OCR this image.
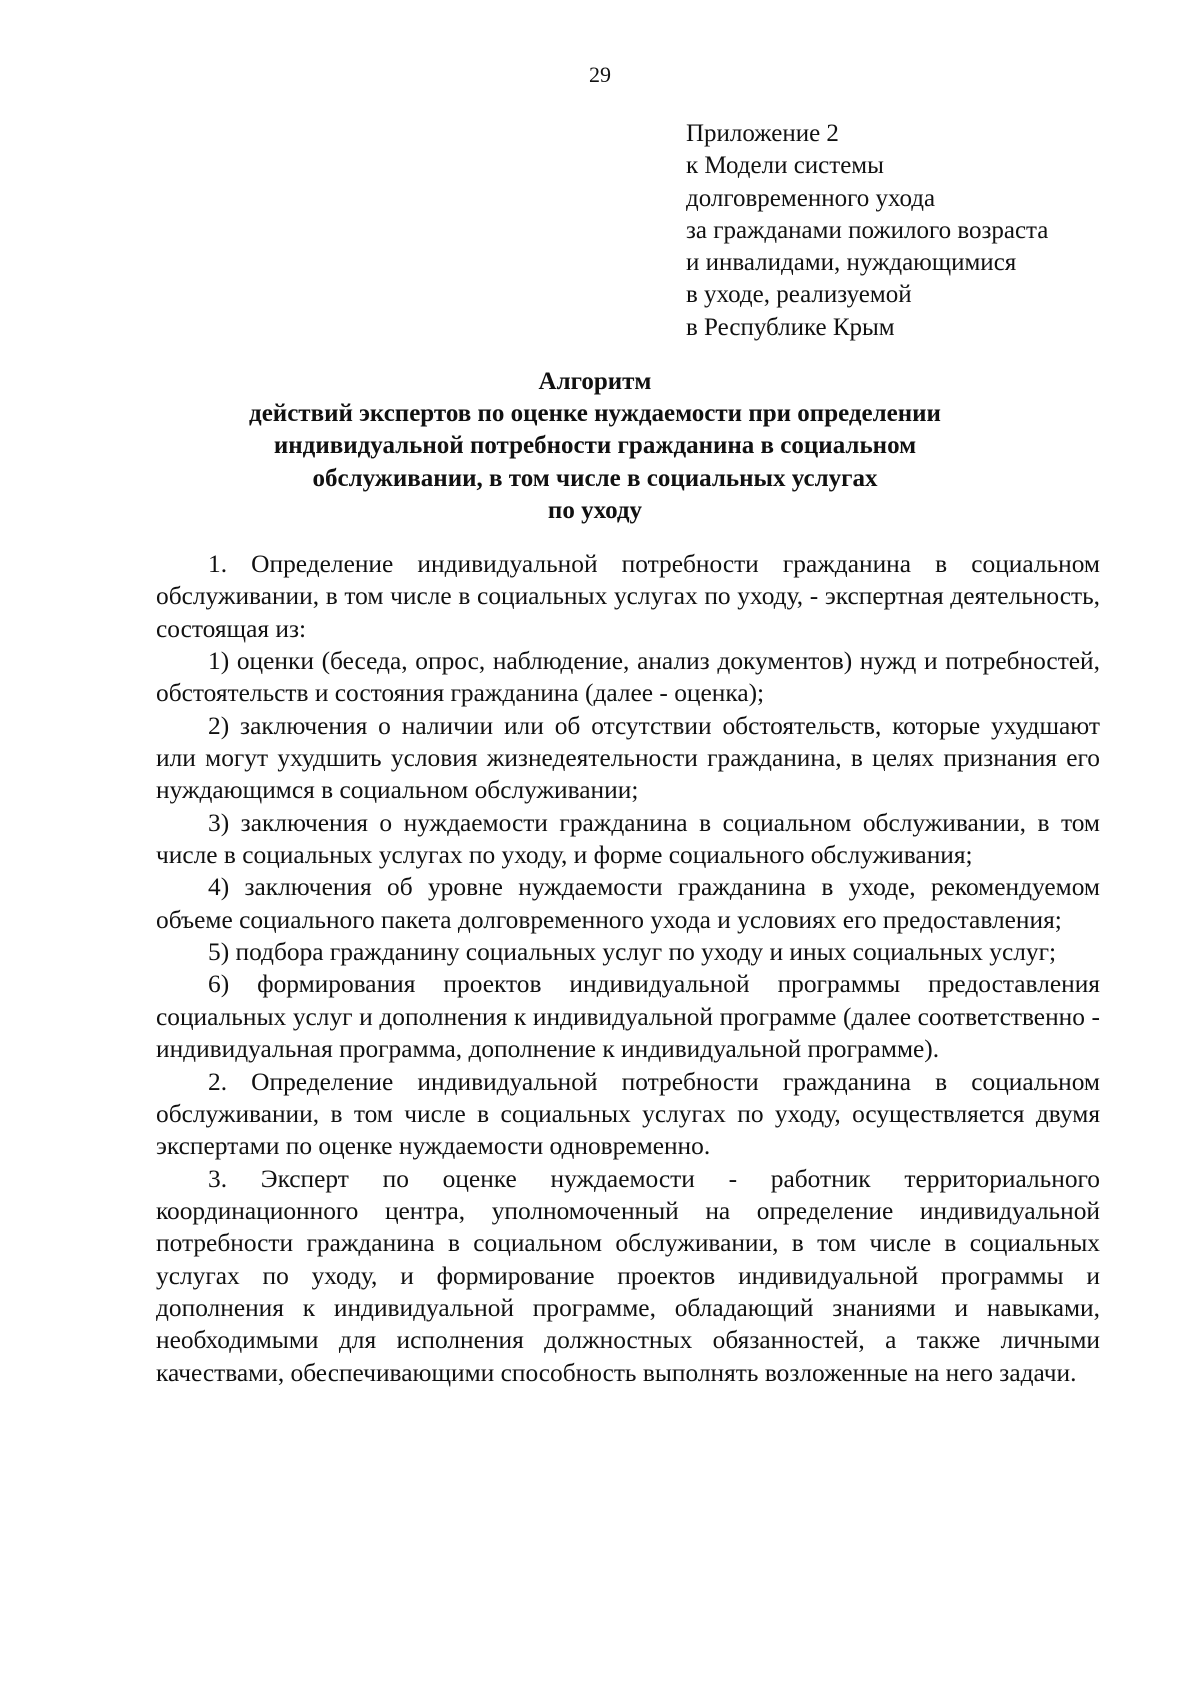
29
Приложение 2
к Модели системы
долговременного ухода
за гражданами пожилого возраста
и инвалидами, нуждающимися
в уходе, реализуемой
в Республике Крым
Алгоритм
действий экспертов по оценке нуждаемости при определении
индивидуальной потребности гражданина в социальном
обслуживании, в том числе в социальных услугах
по уходу

1. Определение индивидуальной потребности гражданина в социальном обслуживании, в том числе в социальных услугах по уходу, - экспертная деятельность, состоящая из:

1) оценки (беседа, опрос, наблюдение, анализ документов) нужд и потребностей, обстоятельств и состояния гражданина (далее - оценка);

2) заключения о наличии или об отсутствии обстоятельств, которые ухудшают или могут ухудшить условия жизнедеятельности гражданина, в целях признания его нуждающимся в социальном обслуживании;

3) заключения о нуждаемости гражданина в социальном обслуживании, в том числе в социальных услугах по уходу, и форме социального обслуживания;

4) заключения об уровне нуждаемости гражданина в уходе, рекомендуемом объеме социального пакета долговременного ухода и условиях его предоставления;

5) подбора гражданину социальных услуг по уходу и иных социальных услуг;

6) формирования проектов индивидуальной программы предоставления социальных услуг и дополнения к индивидуальной программе (далее соответственно - индивидуальная программа, дополнение к индивидуальной программе).

2. Определение индивидуальной потребности гражданина в социальном обслуживании, в том числе в социальных услугах по уходу, осуществляется двумя экспертами по оценке нуждаемости одновременно.

3. Эксперт по оценке нуждаемости - работник территориального координационного центра, уполномоченный на определение индивидуальной потребности гражданина в социальном обслуживании, в том числе в социальных услугах по уходу, и формирование проектов индивидуальной программы и дополнения к индивидуальной программе, обладающий знаниями и навыками, необходимыми для исполнения должностных обязанностей, а также личными качествами, обеспечивающими способность выполнять возложенные на него задачи.
